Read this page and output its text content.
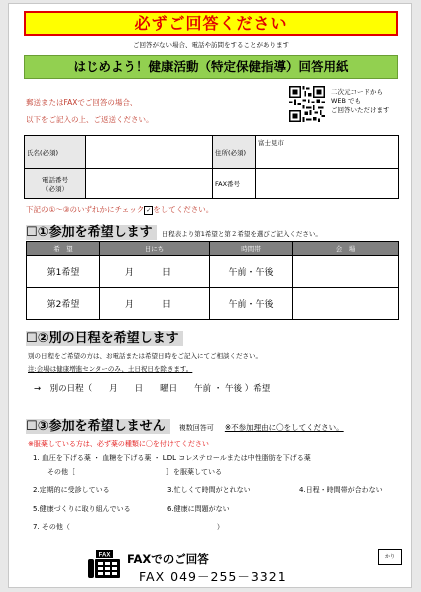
必ずご回答ください
ご回答がない場合、電話や訪問をすることがあります
はじめよう！健康活動（特定保健指導）回答用紙
郵送またはFAXでご回答の場合、
以下をご記入の上、ご返送ください。
二次元コードから
WEB でも
ご回答いただけます
氏名(必須)		住所(必須)	富士見市

電話番号
（必須）		FAX番号	
下記の①～③のいずれかにチェック ✓ をしてください。
☐①参加を希望します 日程表より第1希望と第２希望を選びご記入ください。
希　望	日にち	時間帯	会　場
第1希望	月 日	午前・午後	
第2希望	月 日	午前・午後	
☐②別の日程を希望します
別の日程をご希望の方は、お電話または希望日時をご記入にてご相談ください。
注:会場は健康増進センターのみ、土日祝日を除きます。
→　別の日程（　　月　　日　　曜日　　午前 ・ 午後 ）希望
☐③参加を希望しません 複数回答可 ※不参加理由に〇をしてください。
※服薬している方は、必ず薬の種類に〇を付けてください
1. 血圧を下げる薬 ・ 血糖を下げる薬 ・ LDL コレステロールまたは中性脂肪を下げる薬
その他［　　　　　　　　　　　　　］を服薬している
2.定期的に受診している	3.忙しくて時間がとれない	4.日程・時間帯が合わない
5.健康づくりに取り組んでいる	6.健康に問題がない
7. その他（　　　　　　　　　　　　　　　　　　　　　）
FAX FAXでのご回答
FAX 049－255－3321
かり
